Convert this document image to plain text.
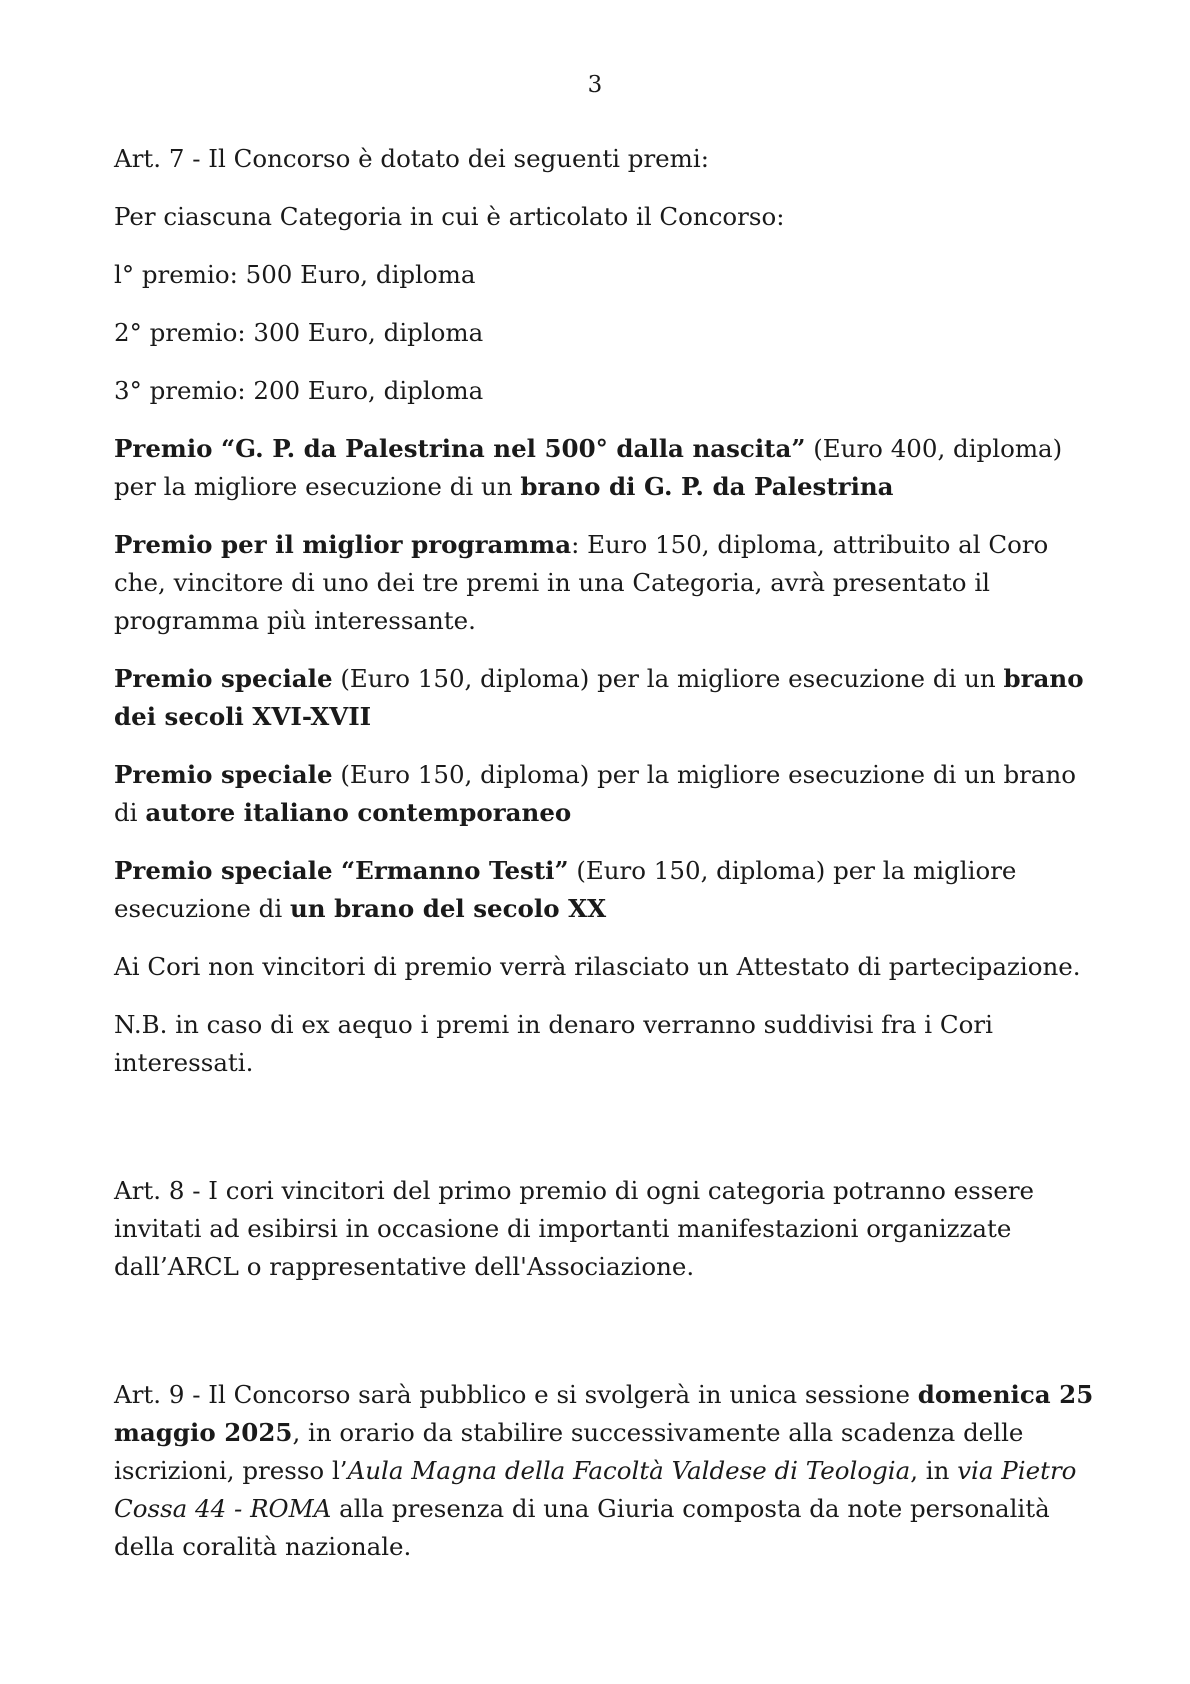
3

Art. 7 - Il Concorso è dotato dei seguenti premi:

Per ciascuna Categoria in cui è articolato il Concorso:

l° premio: 500 Euro, diploma

2° premio: 300 Euro, diploma

3° premio: 200 Euro, diploma

Premio “G. P. da Palestrina nel 500° dalla nascita” (Euro 400, diploma) per la migliore esecuzione di un brano di G. P. da Palestrina

Premio per il miglior programma: Euro 150, diploma, attribuito al Coro che, vincitore di uno dei tre premi in una Categoria, avrà presentato il programma più interessante.

Premio speciale (Euro 150, diploma) per la migliore esecuzione di un brano dei secoli XVI-XVII

Premio speciale (Euro 150, diploma) per la migliore esecuzione di un brano di autore italiano contemporaneo

Premio speciale “Ermanno Testi” (Euro 150, diploma) per la migliore esecuzione di un brano del secolo XX

Ai Cori non vincitori di premio verrà rilasciato un Attestato di partecipazione.

N.B. in caso di ex aequo i premi in denaro verranno suddivisi fra i Cori interessati.

Art. 8 - I cori vincitori del primo premio di ogni categoria potranno essere invitati ad esibirsi in occasione di importanti manifestazioni organizzate dall’ARCL o rappresentative dell'Associazione.

Art. 9 - Il Concorso sarà pubblico e si svolgerà in unica sessione domenica 25 maggio 2025, in orario da stabilire successivamente alla scadenza delle iscrizioni, presso l’Aula Magna della Facoltà Valdese di Teologia, in via Pietro Cossa 44 - ROMA alla presenza di una Giuria composta da note personalità della coralità nazionale.
